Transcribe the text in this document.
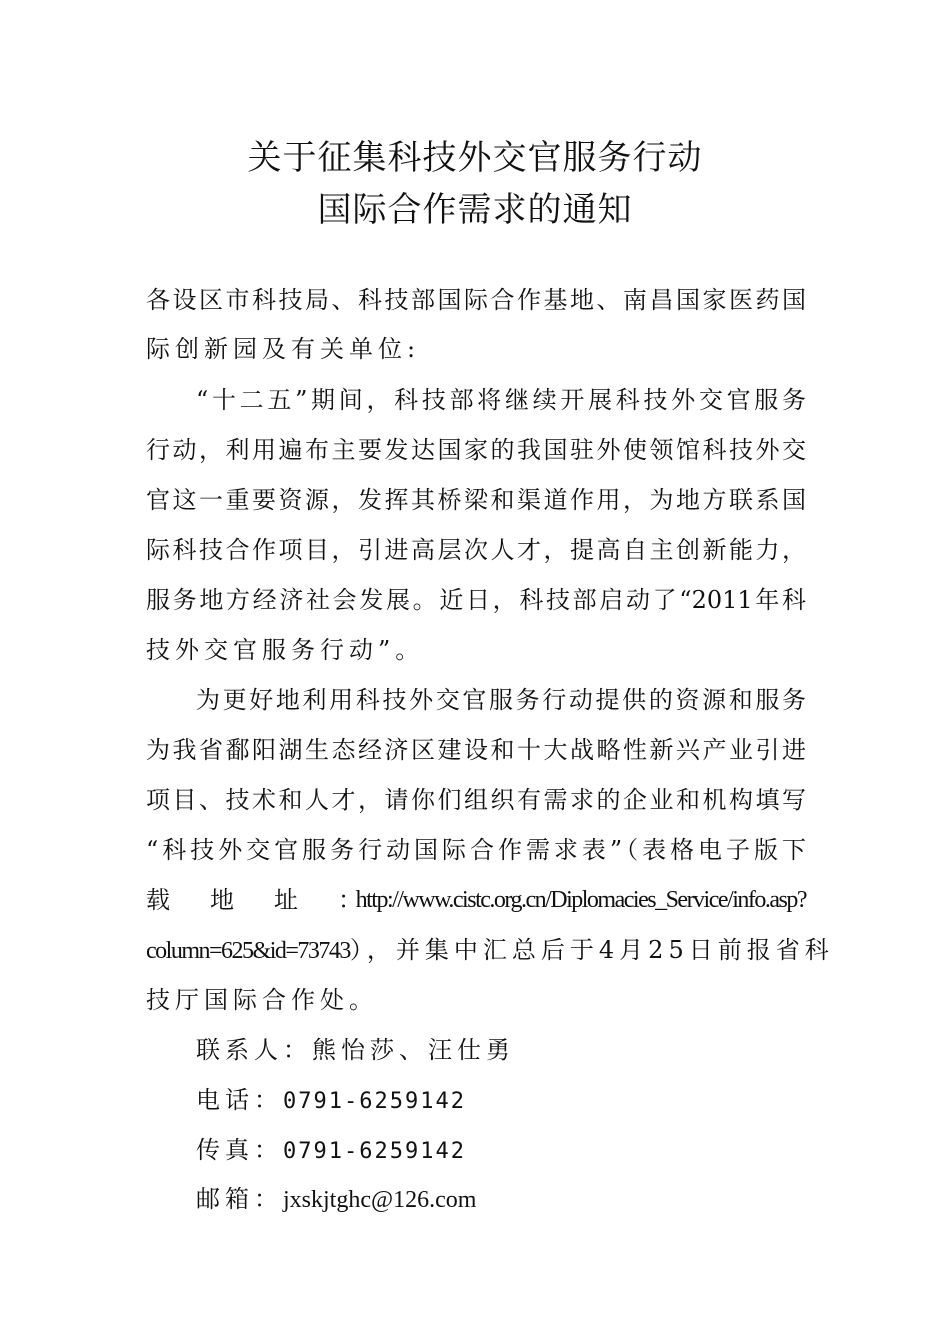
关于征集科技外交官服务行动
国际合作需求的通知
各设区市科技局、科技部国际合作基地、南昌国家医药国
际创新园及有关单位:
“十二五”期间，科技部将继续开展科技外交官服务
行动，利用遍布主要发达国家的我国驻外使领馆科技外交
官这一重要资源，发挥其桥梁和渠道作用，为地方联系国
际科技合作项目，引进高层次人才，提高自主创新能力，
服务地方经济社会发展。近日，科技部启动了“2011年科
技外交官服务行动”。
为更好地利用科技外交官服务行动提供的资源和服务
为我省鄱阳湖生态经济区建设和十大战略性新兴产业引进
项目、技术和人才，请你们组织有需求的企业和机构填写
“科技外交官服务行动国际合作需求表”（表格电子版下
载地址：
http://www.cistc.org.cn/Diplomacies_Service/info.asp?
column=625&id=73743），并集中汇总后于4月25日前报省科
技厅国际合作处。
联系人：熊怡莎、汪仕勇
电话：0791-6259142
传真：0791-6259142
邮箱：jxskjtghc@126.com
